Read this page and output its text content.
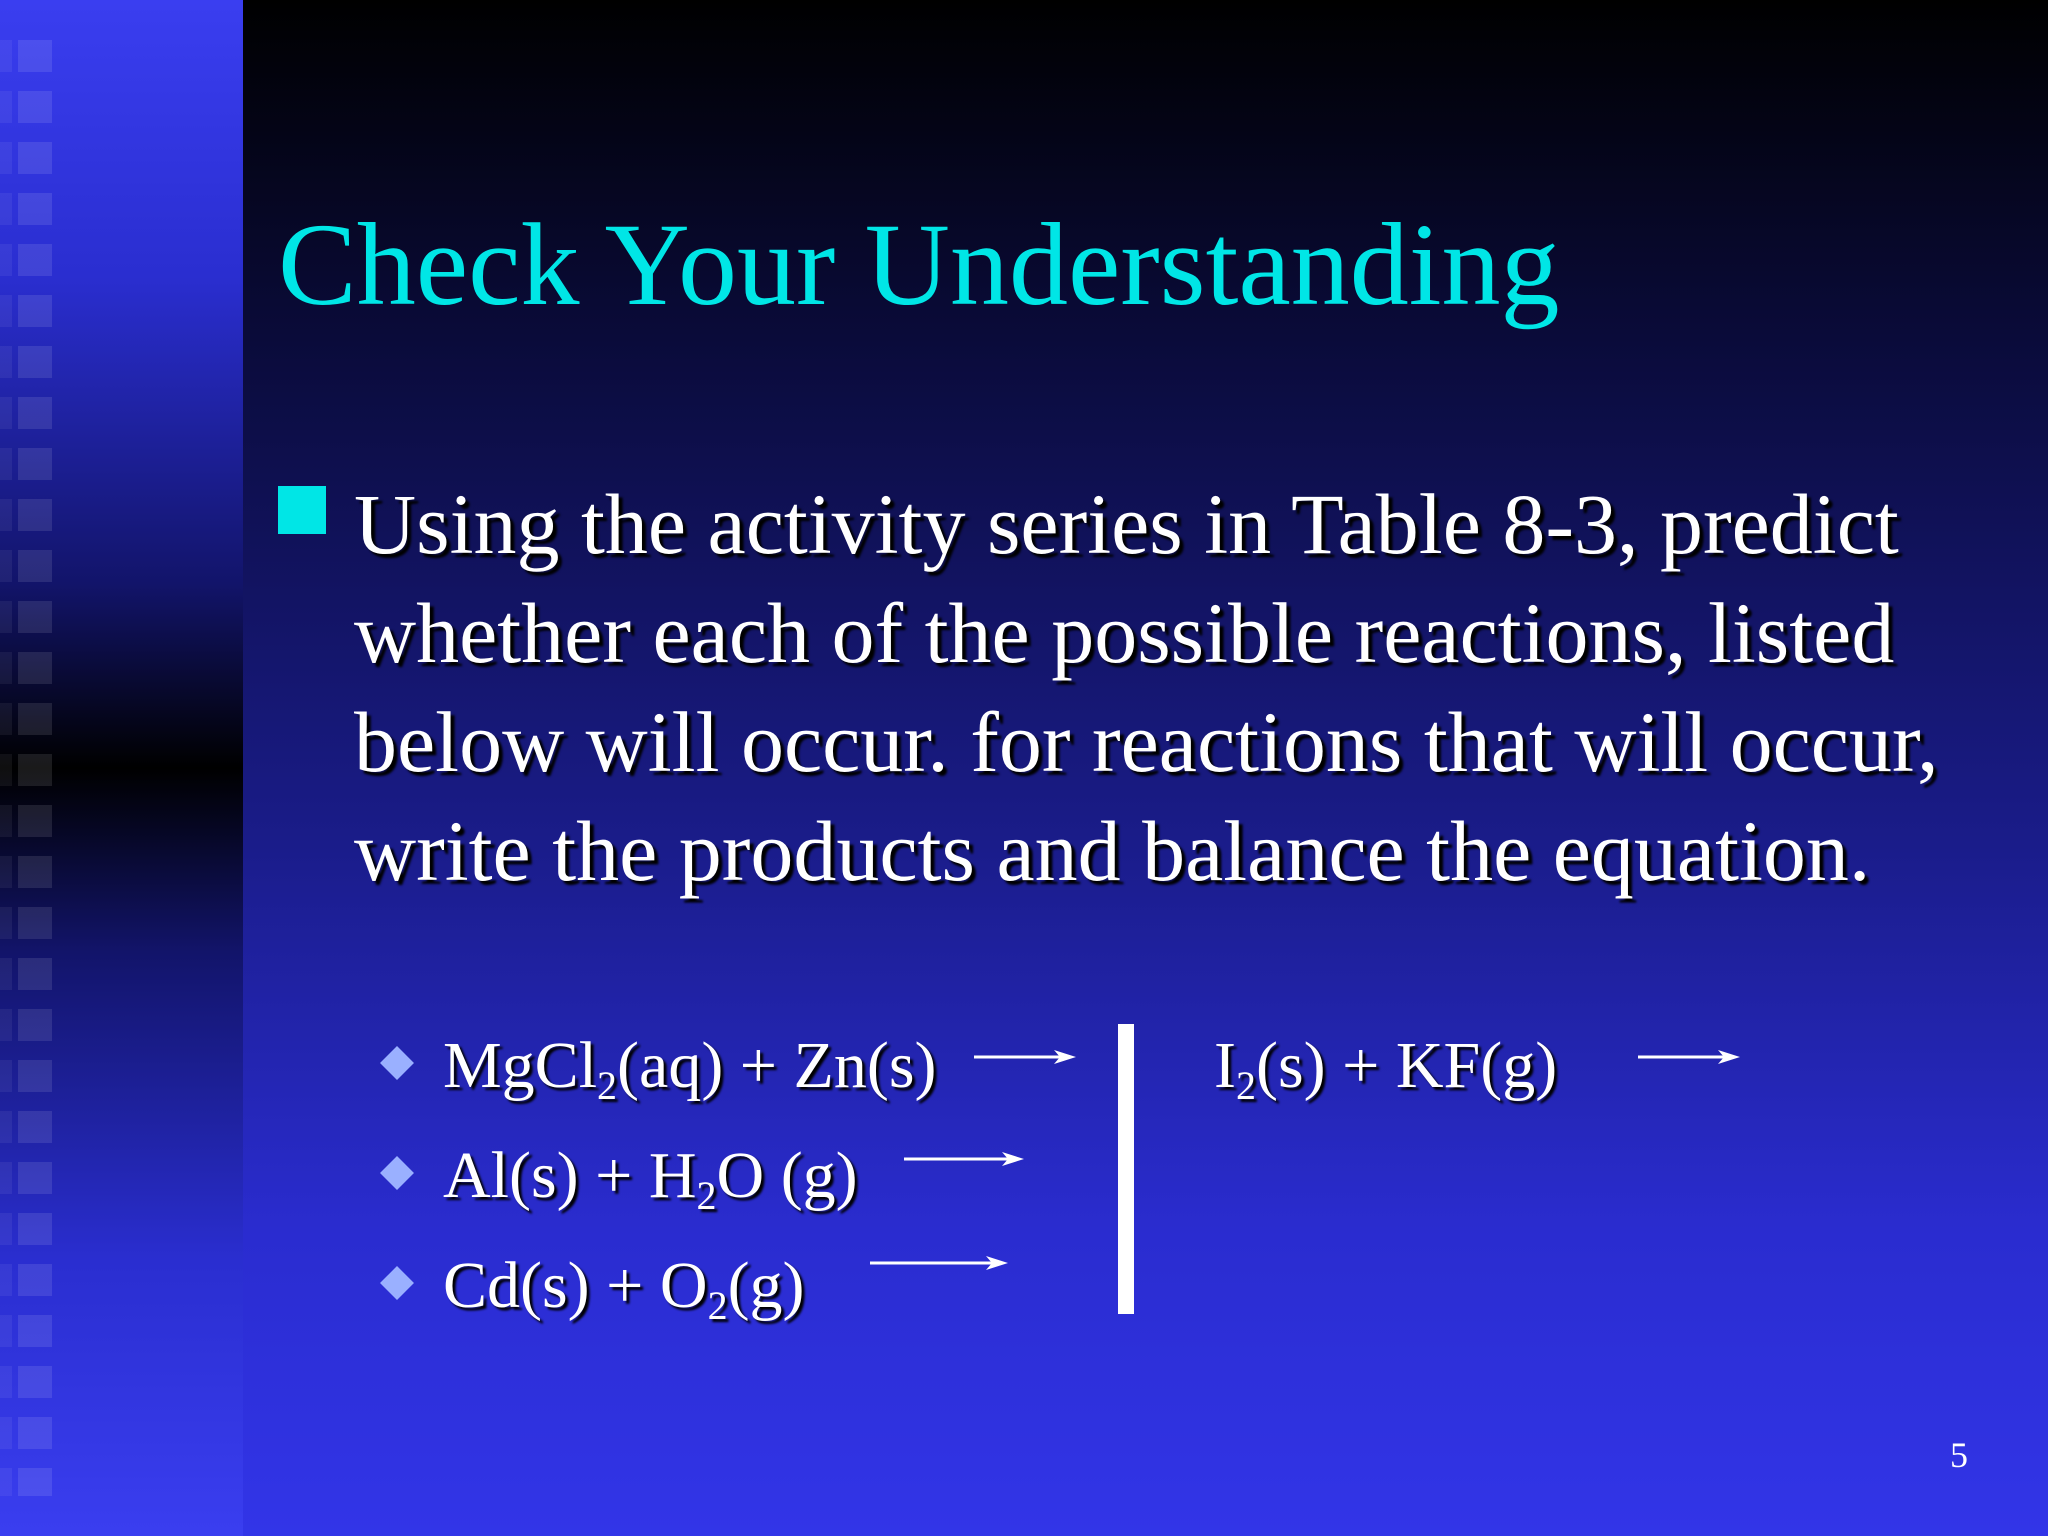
Check Your Understanding
Using the activity series in Table 8-3, predict whether each of the possible reactions, listed below will occur. for reactions that will occur, write the products and balance the equation.
MgCl$_2$(aq) + Zn(s)
$Al(s) + H_2O$ (g)
$Cd(s) + O_2(g)$
$I_2(s) + KF(g)$
5
